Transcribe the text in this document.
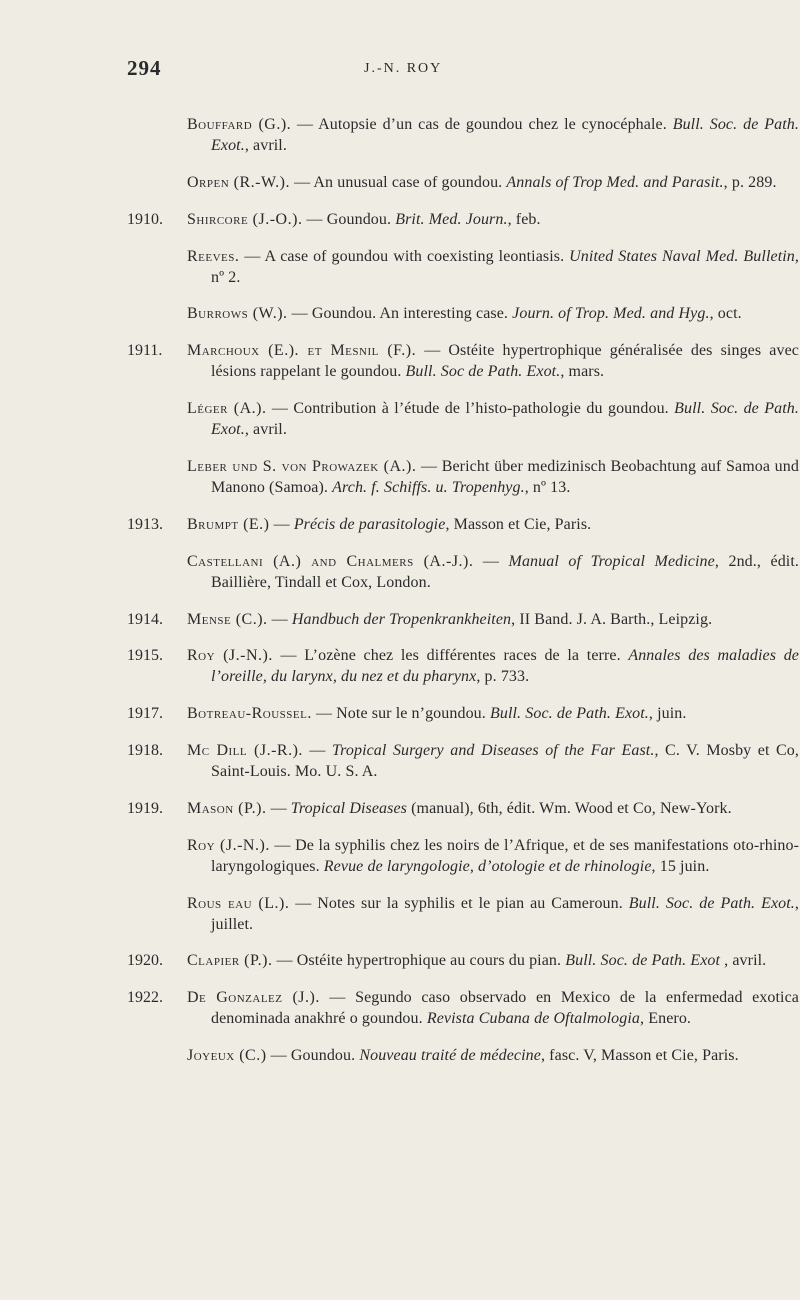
294	J.-N. ROY

Bouffard (G.). — Autopsie d’un cas de goundou chez le cynocéphale. Bull. Soc. de Path. Exot., avril.

Orpen (R.-W.). — An unusual case of goundou. Annals of Trop Med. and Parasit., p. 289.

1910. Shircore (J.-O.). — Goundou. Brit. Med. Journ., feb.

Reeves. — A case of goundou with coexisting leontiasis. United States Naval Med. Bulletin, nº 2.

Burrows (W.). — Goundou. An interesting case. Journ. of Trop. Med. and Hyg., oct.

1911. Marchoux (E.). et Mesnil (F.). — Ostéite hypertrophique généralisée des singes avec lésions rappelant le goundou. Bull. Soc de Path. Exot., mars.

Léger (A.). — Contribution à l’étude de l’histo-pathologie du goundou. Bull. Soc. de Path. Exot., avril.

Leber und S. von Prowazek (A.). — Bericht über medizinisch Beobachtung auf Samoa und Manono (Samoa). Arch. f. Schiffs. u. Tropenhyg., nº 13.

1913. Brumpt (E.) — Précis de parasitologie, Masson et Cie, Paris.

Castellani (A.) and Chalmers (A.-J.). — Manual of Tropical Medicine, 2nd., édit. Baillière, Tindall et Cox, London.

1914. Mense (C.). — Handbuch der Tropenkrankheiten, II Band. J. A. Barth., Leipzig.

1915. Roy (J.-N.). — L’ozène chez les différentes races de la terre. Annales des maladies de l’oreille, du larynx, du nez et du pharynx, p. 733.

1917. Botreau-Roussel. — Note sur le n’goundou. Bull. Soc. de Path. Exot., juin.

1918. Mc Dill (J.-R.). — Tropical Surgery and Diseases of the Far East., C. V. Mosby et Co, Saint-Louis. Mo. U. S. A.

1919. Mason (P.). — Tropical Diseases (manual), 6th, édit. Wm. Wood et Co, New-York.

Roy (J.-N.). — De la syphilis chez les noirs de l’Afrique, et de ses manifestations oto-rhino-laryngologiques. Revue de laryngologie, d’otologie et de rhinologie, 15 juin.

Rous eau (L.). — Notes sur la syphilis et le pian au Cameroun. Bull. Soc. de Path. Exot., juillet.

1920. Clapier (P.). — Ostéite hypertrophique au cours du pian. Bull. Soc. de Path. Exot , avril.

1922. De Gonzalez (J.). — Segundo caso observado en Mexico de la enfermedad exotica denominada anakhré o goundou. Revista Cubana de Oftalmologia, Enero.

Joyeux (C.) — Goundou. Nouveau traité de médecine, fasc. V, Masson et Cie, Paris.
